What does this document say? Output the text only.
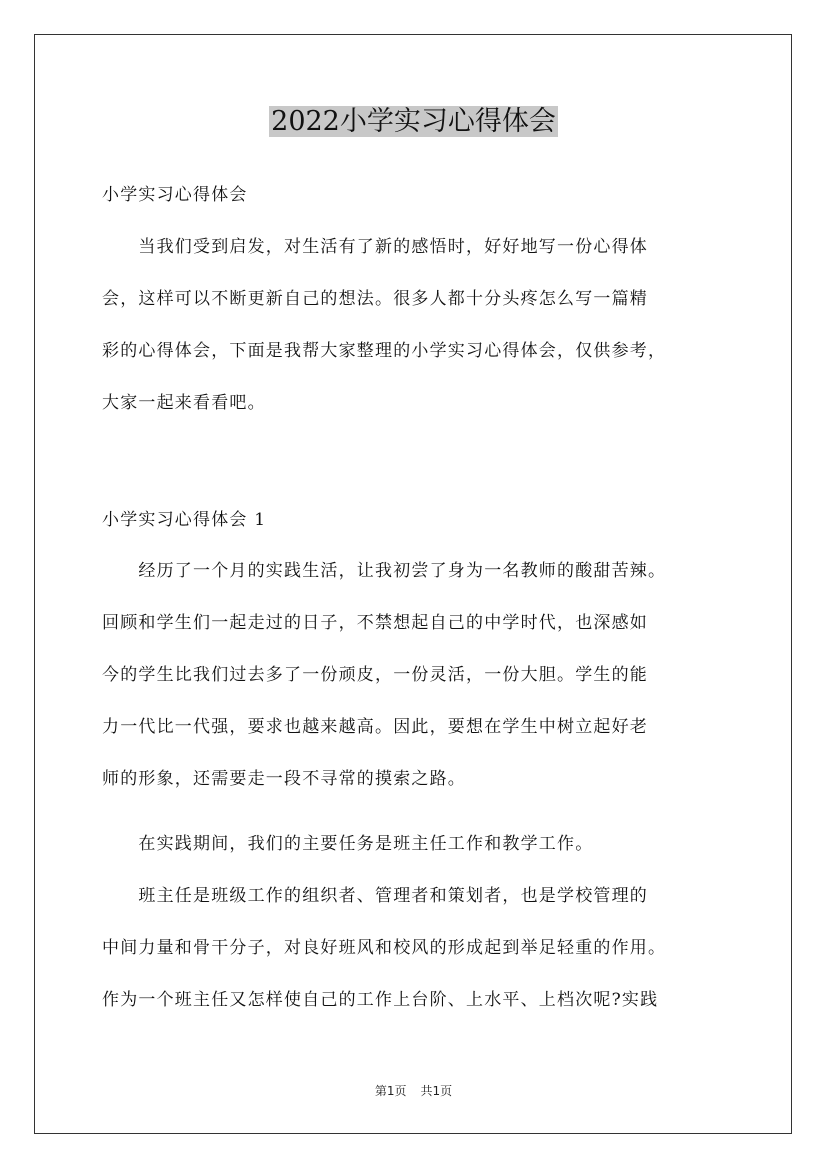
2022小学实习心得体会

小学实习心得体会

　　当我们受到启发，对生活有了新的感悟时，好好地写一份心得体
会，这样可以不断更新自己的想法。很多人都十分头疼怎么写一篇精
彩的心得体会，下面是我帮大家整理的小学实习心得体会，仅供参考，
大家一起来看看吧。

小学实习心得体会 1

　　经历了一个月的实践生活，让我初尝了身为一名教师的酸甜苦辣。
回顾和学生们一起走过的日子，不禁想起自己的中学时代，也深感如
今的学生比我们过去多了一份顽皮，一份灵活，一份大胆。学生的能
力一代比一代强，要求也越来越高。因此，要想在学生中树立起好老
师的形象，还需要走一段不寻常的摸索之路。

　　在实践期间，我们的主要任务是班主任工作和教学工作。

　　班主任是班级工作的组织者、管理者和策划者，也是学校管理的
中间力量和骨干分子，对良好班风和校风的形成起到举足轻重的作用。
作为一个班主任又怎样使自己的工作上台阶、上水平、上档次呢?实践

第1页 共1页
